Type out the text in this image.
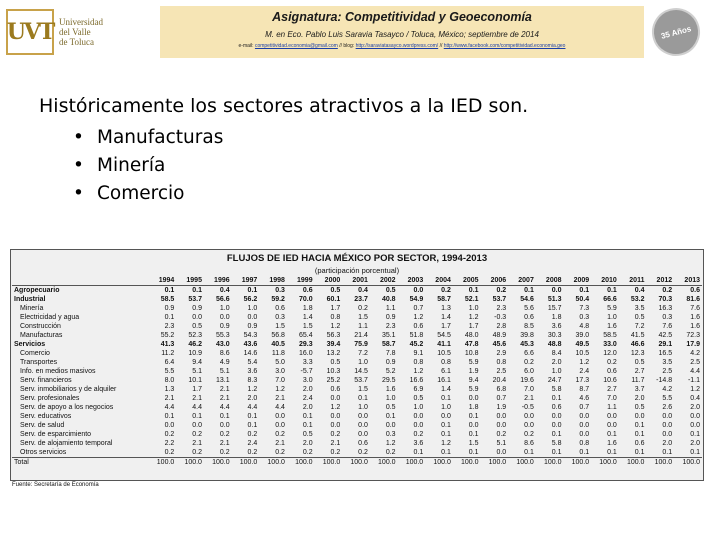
UVT Universidad
del Valle
de Toluca
Asignatura: Competitividad y Geoeconomía
M. en Eco. Pablo Luis Saravia Tasayco / Toluca, México; septiembre de 2014
e-mail: competitividad.economia@gmail.com // blog: http://saraviatasayco.wordpress.com/ // http://www.facebook.com/competitividad.economia.geo
35 Años
Históricamente los sectores atractivos a la IED son.
• Manufacturas
• Minería
• Comercio
FLUJOS DE IED HACIA MÉXICO POR SECTOR, 1994-2013
(participación porcentual)
	1994	1995	1996	1997	1998	1999	2000	2001	2002	2003	2004	2005	2006	2007	2008	2009	2010	2011	2012	2013
Agropecuario	0.1	0.1	0.4	0.1	0.3	0.6	0.5	0.4	0.5	0.0	0.2	0.1	0.2	0.1	0.0	0.1	0.1	0.4	0.2	0.6
Industrial	58.5	53.7	56.6	56.2	59.2	70.0	60.1	23.7	40.8	54.9	58.7	52.1	53.7	54.6	51.3	50.4	66.6	53.2	70.3	81.6
Minería	0.9	0.9	1.0	1.0	0.6	1.8	1.7	0.2	1.1	0.7	1.3	1.0	2.3	5.6	15.7	7.3	5.9	3.5	16.3	7.6
Electricidad y agua	0.1	0.0	0.0	0.0	0.3	1.4	0.8	1.5	0.9	1.2	1.4	1.2	-0.3	0.6	1.8	0.3	1.0	0.5	0.3	1.6
Construcción	2.3	0.5	0.9	0.9	1.5	1.5	1.2	1.1	2.3	0.6	1.7	1.7	2.8	8.5	3.6	4.8	1.6	7.2	7.6	1.6
Manufacturas	55.2	52.3	55.3	54.3	56.8	65.4	56.3	21.4	35.1	51.8	54.5	48.0	48.9	39.8	30.3	39.0	58.5	41.5	42.5	72.3
Servicios	41.3	46.2	43.0	43.6	40.5	29.3	39.4	75.9	58.7	45.2	41.1	47.8	45.6	45.3	48.8	49.5	33.0	46.6	29.1	17.9
Comercio	11.2	10.9	8.6	14.6	11.8	16.0	13.2	7.2	7.8	9.1	10.5	10.8	2.9	6.6	8.4	10.5	12.0	12.3	16.5	4.2
Transportes	6.4	9.4	4.9	5.4	5.0	3.3	0.5	1.0	0.9	0.8	0.8	5.9	0.8	0.2	2.0	1.2	0.2	0.5	3.5	2.5
Info. en medios masivos	5.5	5.1	5.1	3.6	3.0	-5.7	10.3	14.5	5.2	1.2	6.1	1.9	2.5	6.0	1.0	2.4	0.6	2.7	2.5	4.4
Serv. financieros	8.0	10.1	13.1	8.3	7.0	3.0	25.2	53.7	29.5	16.6	16.1	9.4	20.4	19.6	24.7	17.3	10.6	11.7	-14.8	-1.1
Serv. inmobiliarios y de alquiler	1.3	1.7	2.1	1.2	1.2	2.0	0.6	1.5	1.6	6.9	1.4	5.9	6.8	7.0	5.8	8.7	2.7	3.7	4.2	1.2
Serv. profesionales	2.1	2.1	2.1	2.0	2.1	2.4	0.0	0.1	1.0	0.5	0.1	0.0	0.7	2.1	0.1	4.6	7.0	2.0	5.5	0.4
Serv. de apoyo a los negocios	4.4	4.4	4.4	4.4	4.4	2.0	1.2	1.0	0.5	1.0	1.0	1.8	1.9	-0.5	0.6	0.7	1.1	0.5	2.6	2.0
Serv. educativos	0.1	0.1	0.1	0.1	0.0	0.1	0.0	0.0	0.1	0.0	0.0	0.1	0.0	0.0	0.0	0.0	0.0	0.0	0.0	0.0
Serv. de salud	0.0	0.0	0.0	0.1	0.0	0.1	0.0	0.0	0.0	0.0	0.1	0.0	0.0	0.0	0.0	0.0	0.0	0.1	0.0	0.0
Serv. de esparcimiento	0.2	0.2	0.2	0.2	0.2	0.5	0.2	0.0	0.3	0.2	0.1	0.1	0.2	0.2	0.1	0.0	0.1	0.1	0.0	0.1
Serv. de alojamiento temporal	2.2	2.1	2.1	2.4	2.1	2.0	2.1	0.6	1.2	3.6	1.2	1.5	5.1	8.6	5.8	0.8	1.6	0.6	2.0	2.0
Otros servicios	0.2	0.2	0.2	0.2	0.2	0.2	0.2	0.2	0.2	0.1	0.1	0.1	0.0	0.1	0.1	0.1	0.1	0.1	0.1	0.1
Total	100.0	100.0	100.0	100.0	100.0	100.0	100.0	100.0	100.0	100.0	100.0	100.0	100.0	100.0	100.0	100.0	100.0	100.0	100.0	100.0
Fuente: Secretaría de Economía
